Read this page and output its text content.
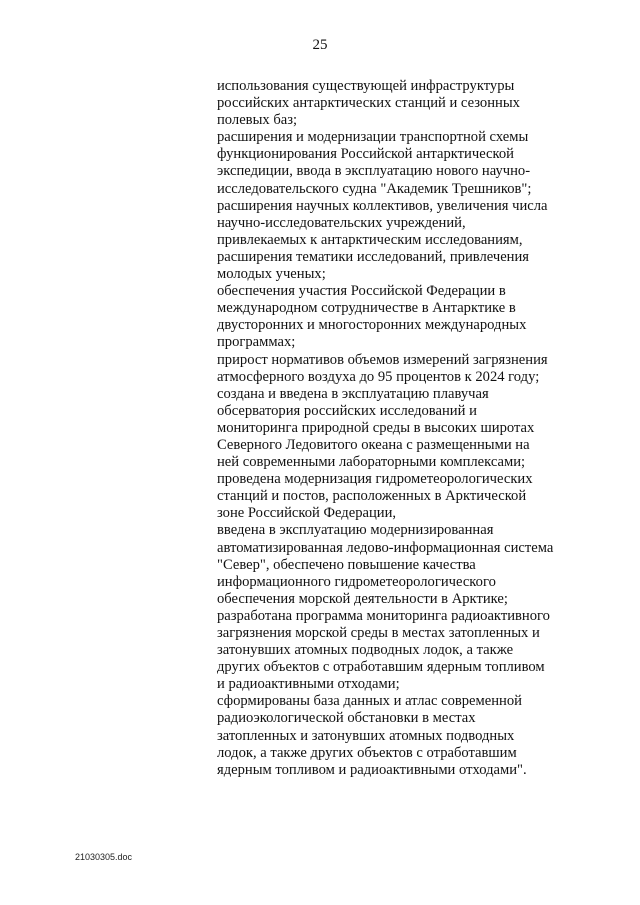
25
использования существующей инфраструктуры
российских антарктических станций и сезонных
полевых баз;
расширения и модернизации транспортной схемы
функционирования Российской антарктической
экспедиции, ввода в эксплуатацию нового научно-
исследовательского судна "Академик Трешников";
расширения научных коллективов, увеличения числа
научно-исследовательских учреждений,
привлекаемых к антарктическим исследованиям,
расширения тематики исследований, привлечения
молодых ученых;
обеспечения участия Российской Федерации в
международном сотрудничестве в Антарктике в
двусторонних и многосторонних международных
программах;
прирост нормативов объемов измерений загрязнения
атмосферного воздуха до 95 процентов к 2024 году;
создана и введена в эксплуатацию плавучая
обсерватория российских исследований и
мониторинга природной среды в высоких широтах
Северного Ледовитого океана с размещенными на
ней современными лабораторными комплексами;
проведена модернизация гидрометеорологических
станций и постов, расположенных в Арктической
зоне Российской Федерации,
введена в эксплуатацию модернизированная
автоматизированная ледово-информационная система
"Север", обеспечено повышение качества
информационного гидрометеорологического
обеспечения морской деятельности в Арктике;
разработана программа мониторинга радиоактивного
загрязнения морской среды в местах затопленных и
затонувших атомных подводных лодок, а также
других объектов с отработавшим ядерным топливом
и радиоактивными отходами;
сформированы база данных и атлас современной
радиоэкологической обстановки в местах
затопленных и затонувших атомных подводных
лодок, а также других объектов с отработавшим
ядерным топливом и радиоактивными отходами".
21030305.doc
